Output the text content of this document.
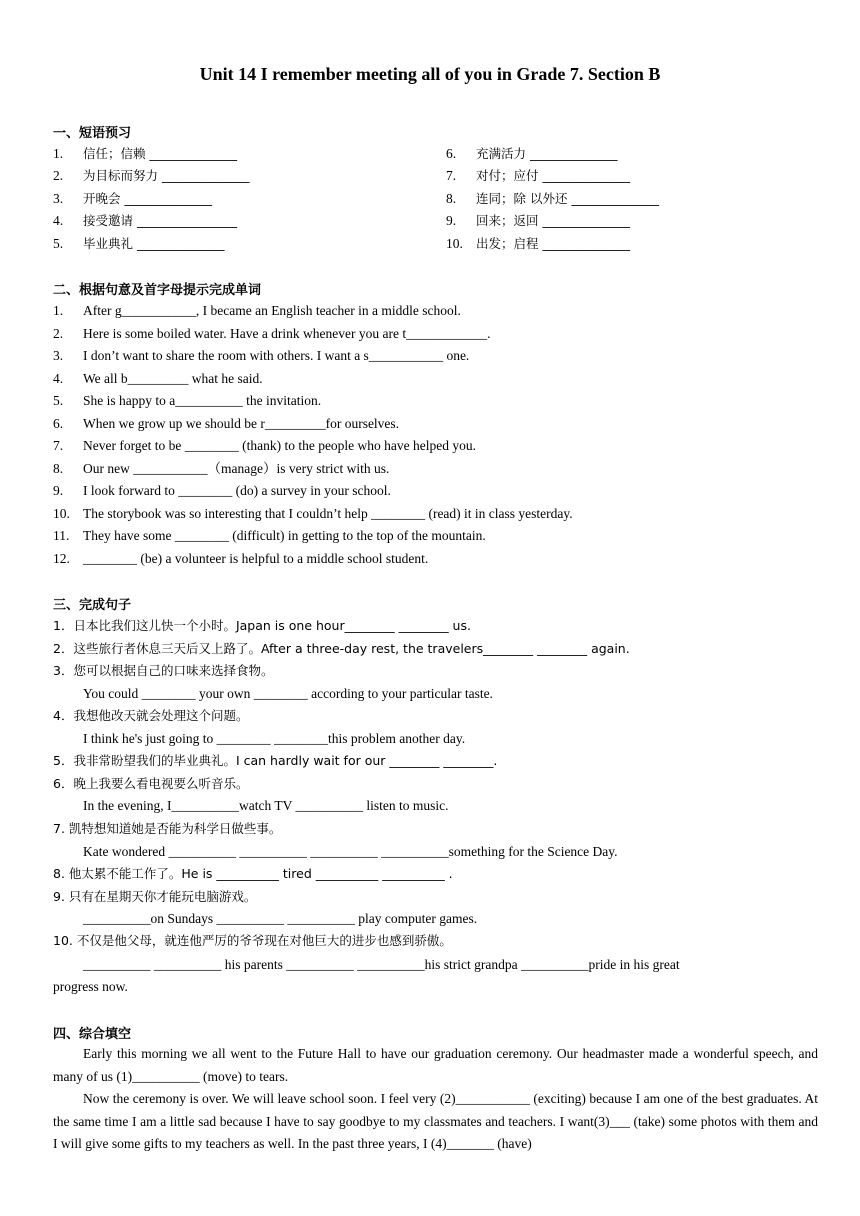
Unit 14 I remember meeting all of you in Grade 7. Section B
一、短语预习
1. 信任；信赖 ______________
2. 为目标而努力 ______________
3. 开晚会 ______________
4. 接受邀请 ________________
5. 毕业典礼 ______________
6. 充满活力 ______________
7. 对付；应付 ______________
8. 连同；除 以外还 ______________
9. 回来；返回 ______________
10. 出发；启程 ______________
二、根据句意及首字母提示完成单词
1. After g___________, I became an English teacher in a middle school.
2. Here is some boiled water. Have a drink whenever you are t____________.
3. I don’t want to share the room with others. I want a s___________ one.
4. We all b_________ what he said.
5. She is happy to a__________ the invitation.
6. When we grow up we should be r_________for ourselves.
7. Never forget to be ________ (thank) to the people who have helped you.
8. Our new ___________（manage）is very strict with us.
9. I look forward to ________ (do) a survey in your school.
10. The storybook was so interesting that I couldn’t help ________ (read) it in class yesterday.
11. They have some ________ (difficult) in getting to the top of the mountain.
12. ________ (be) a volunteer is helpful to a middle school student.
三、完成句子
1．日本比我们这儿快一个小时。Japan is one hour________ ________ us.
2．这些旅行者休息三天后又上路了。After a three-day rest, the travelers________ ________ again.
3．您可以根据自己的口味来选择食物。
You could ________ your own ________ according to your particular taste.
4．我想他改天就会处理这个问题。
I think he's just going to ________ ________this problem another day.
5．我非常盼望我们的毕业典礼。I can hardly wait for our ________ ________.
6．晚上我要么看电视要么听音乐。
In the evening, I__________watch TV __________ listen to music.
7. 凯特想知道她是否能为科学日做些事。
Kate wondered __________ __________ __________ __________something for the Science Day.
8. 他太累不能工作了。He is __________ tired __________ __________ .
9. 只有在星期天你才能玩电脑游戏。
__________on Sundays __________ __________ play computer games.
10. 不仅是他父母，就连他严厉的爷爷现在对他巨大的进步也感到骄傲。
__________ __________ his parents __________ __________his strict grandpa __________pride in his great
progress now.
四、综合填空
Early this morning we all went to the Future Hall to have our graduation ceremony. Our headmaster made a wonderful speech, and many of us (1)__________ (move) to tears.
Now the ceremony is over. We will leave school soon. I feel very (2)___________ (exciting) because I am one of the best graduates. At the same time I am a little sad because I have to say goodbye to my classmates and teachers. I want(3)___ (take) some photos with them and I will give some gifts to my teachers as well. In the past three years, I (4)_______ (have)
